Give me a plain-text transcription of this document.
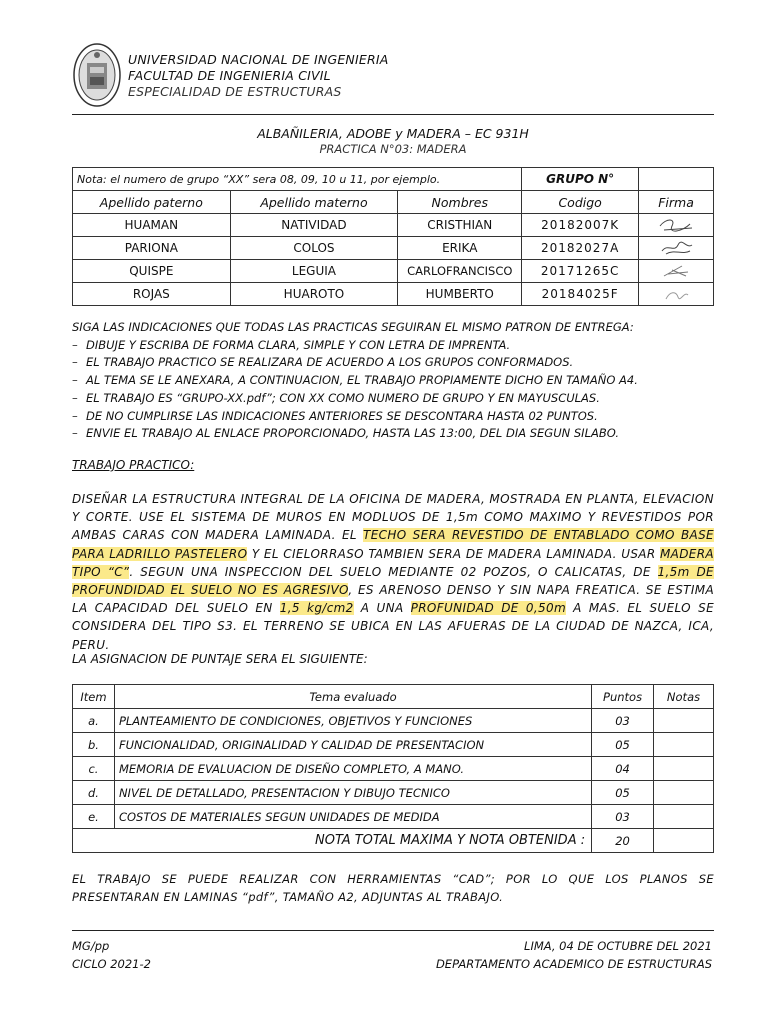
UNIVERSIDAD NACIONAL DE INGENIERIA
FACULTAD DE INGENIERIA CIVIL
ESPECIALIDAD DE ESTRUCTURAS
ALBAÑILERIA, ADOBE y MADERA – EC 931H
PRACTICA N°03: MADERA
Nota: el numero de grupo “XX” sera 08, 09, 10 u 11, por ejemplo.			GRUPO N°	
Apellido paterno	Apellido materno	Nombres	Codigo	Firma
HUAMAN	NATIVIDAD	CRISTHIAN	20182007K	
PARIONA	COLOS	ERIKA	20182027A	
QUISPE	LEGUIA	CARLOFRANCISCO	20171265C	
ROJAS	HUAROTO	HUMBERTO	20184025F	
SIGA LAS INDICACIONES QUE TODAS LAS PRACTICAS SEGUIRAN EL MISMO PATRON DE ENTREGA:
– DIBUJE Y ESCRIBA DE FORMA CLARA, SIMPLE Y CON LETRA DE IMPRENTA.
– EL TRABAJO PRACTICO SE REALIZARA DE ACUERDO A LOS GRUPOS CONFORMADOS.
– AL TEMA SE LE ANEXARA, A CONTINUACION, EL TRABAJO PROPIAMENTE DICHO EN TAMAÑO A4.
– EL TRABAJO ES “GRUPO-XX.pdf”; CON XX COMO NUMERO DE GRUPO Y EN MAYUSCULAS.
– DE NO CUMPLIRSE LAS INDICACIONES ANTERIORES SE DESCONTARA HASTA 02 PUNTOS.
– ENVIE EL TRABAJO AL ENLACE PROPORCIONADO, HASTA LAS 13:00, DEL DIA SEGUN SILABO.
TRABAJO PRACTICO:
DISEÑAR LA ESTRUCTURA INTEGRAL DE LA OFICINA DE MADERA, MOSTRADA EN PLANTA, ELEVACION Y CORTE. USE EL SISTEMA DE MUROS EN MODLUOS DE 1,5m COMO MAXIMO Y REVESTIDOS POR AMBAS CARAS CON MADERA LAMINADA. EL TECHO SERA REVESTIDO DE ENTABLADO COMO BASE PARA LADRILLO PASTELERO Y EL CIELORRASO TAMBIEN SERA DE MADERA LAMINADA. USAR MADERA TIPO “C”. SEGUN UNA INSPECCION DEL SUELO MEDIANTE 02 POZOS, O CALICATAS, DE 1,5m DE PROFUNDIDAD EL SUELO NO ES AGRESIVO, ES ARENOSO DENSO Y SIN NAPA FREATICA. SE ESTIMA LA CAPACIDAD DEL SUELO EN 1,5 kg/cm2 A UNA PROFUNIDAD DE 0,50m A MAS. EL SUELO SE CONSIDERA DEL TIPO S3. EL TERRENO SE UBICA EN LAS AFUERAS DE LA CIUDAD DE NAZCA, ICA, PERU.
LA ASIGNACION DE PUNTAJE SERA EL SIGUIENTE:
Item	Tema evaluado	Puntos	Notas
a.	PLANTEAMIENTO DE CONDICIONES, OBJETIVOS Y FUNCIONES	03	
b.	FUNCIONALIDAD, ORIGINALIDAD Y CALIDAD DE PRESENTACION	05	
c.	MEMORIA DE EVALUACION DE DISEÑO COMPLETO, A MANO.	04	
d.	NIVEL DE DETALLADO, PRESENTACION Y DIBUJO TECNICO	05	
e.	COSTOS DE MATERIALES SEGUN UNIDADES DE MEDIDA	03	
NOTA TOTAL MAXIMA Y NOTA OBTENIDA :		20	
EL TRABAJO SE PUEDE REALIZAR CON HERRAMIENTAS “CAD”; POR LO QUE LOS PLANOS SE PRESENTARAN EN LAMINAS “pdf”, TAMAÑO A2, ADJUNTAS AL TRABAJO.
MG/pp
CICLO 2021-2
LIMA, 04 DE OCTUBRE DEL 2021
DEPARTAMENTO ACADEMICO DE ESTRUCTURAS
